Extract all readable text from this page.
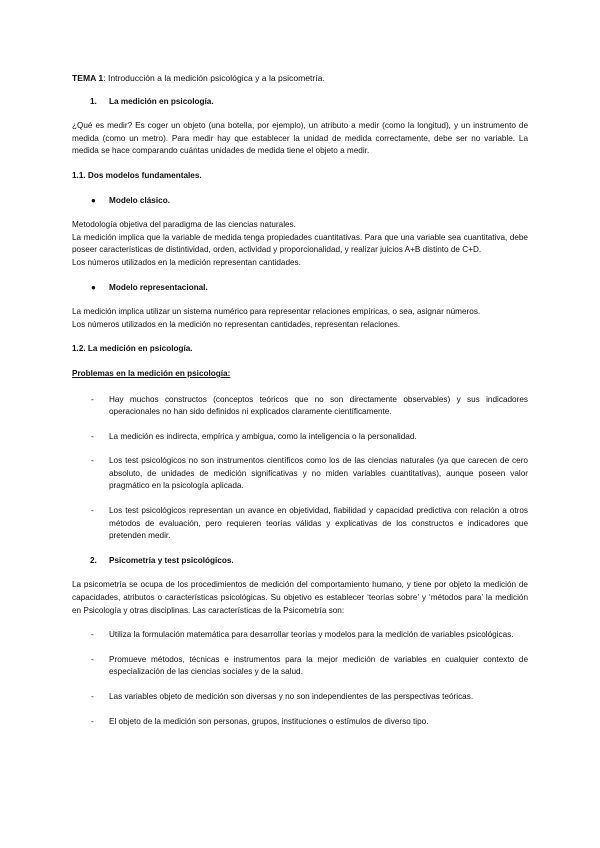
TEMA 1: Introducción a la medición psicológica y a la psicometría.

1. La medición en psicología.

¿Qué es medir? Es coger un objeto (una botella, por ejemplo), un atributo a medir (como la longitud), y un instrumento de medida (como un metro). Para medir hay que establecer la unidad de medida correctamente, debe ser no variable. La medida se hace comparando cuántas unidades de medida tiene el objeto a medir.

1.1. Dos modelos fundamentales.

● Modelo clásico.

Metodología objetiva del paradigma de las ciencias naturales.

La medición implica que la variable de medida tenga propiedades cuantitativas. Para que una variable sea cuantitativa, debe poseer características de distintividad, orden, actividad y proporcionalidad, y realizar juicios A+B distinto de C+D.

Los números utilizados en la medición representan cantidades.

● Modelo representacional.

La medición implica utilizar un sistema numérico para representar relaciones empíricas, o sea, asignar números.

Los números utilizados en la medición no representan cantidades, representan relaciones.

1.2. La medición en psicología.

Problemas en la medición en psicología:

- Hay muchos constructos (conceptos teóricos que no son directamente observables) y sus indicadores operacionales no han sido definidos ni explicados claramente científicamente.

- La medición es indirecta, empírica y ambigua, como la inteligencia o la personalidad.

- Los test psicológicos no son instrumentos científicos como los de las ciencias naturales (ya que carecen de cero absoluto, de unidades de medición significativas y no miden variables cuantitativas), aunque poseen valor pragmático en la psicología aplicada.

- Los test psicológicos representan un avance en objetividad, fiabilidad y capacidad predictiva con relación a otros métodos de evaluación, pero requieren teorías válidas y explicativas de los constructos e indicadores que pretenden medir.

2. Psicometría y test psicológicos.

La psicometría se ocupa de los procedimientos de medición del comportamiento humano, y tiene por objeto la medición de capacidades, atributos o características psicológicas. Su objetivo es establecer ‘teorías sobre’ y ‘métodos para’ la medición en Psicología y otras disciplinas. Las características de la Psicometría son:

- Utiliza la formulación matemática para desarrollar teorías y modelos para la medición de variables psicológicas.

- Promueve métodos, técnicas e instrumentos para la mejor medición de variables en cualquier contexto de especialización de las ciencias sociales y de la salud.

- Las variables objeto de medición son diversas y no son independientes de las perspectivas teóricas.

- El objeto de la medición son personas, grupos, instituciones o estímulos de diverso tipo.
